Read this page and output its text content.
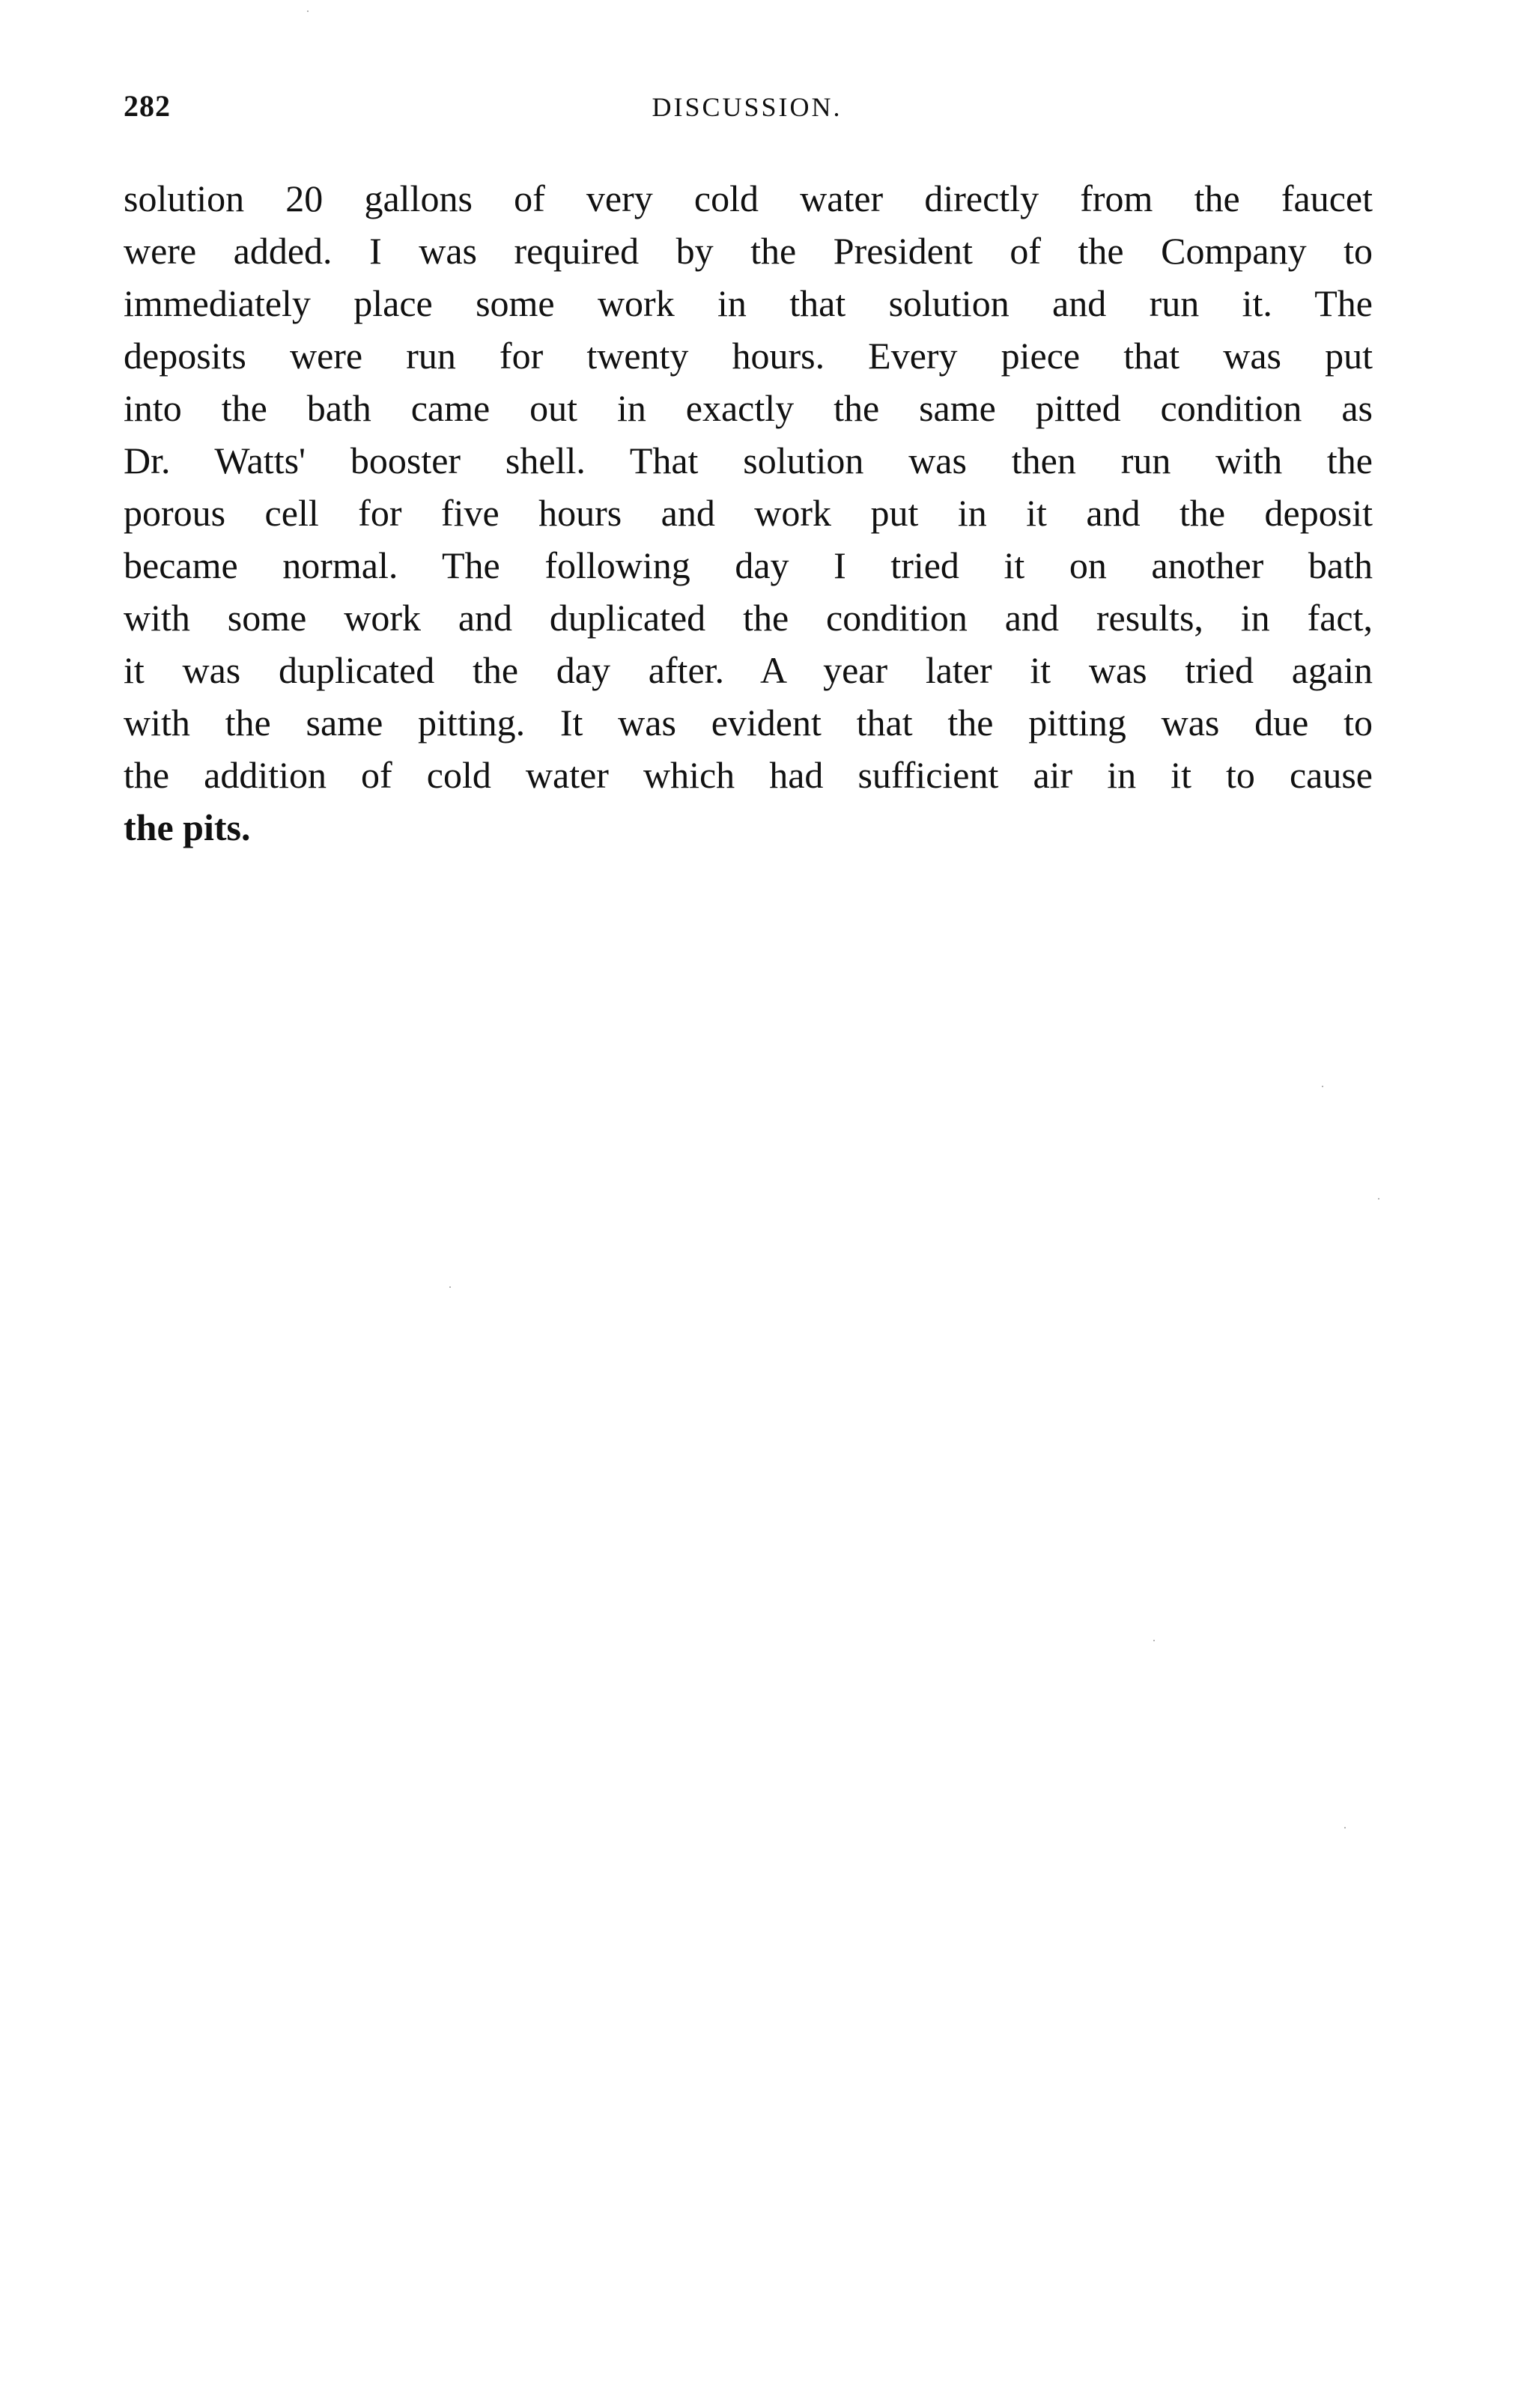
282	DISCUSSION.
solution 20 gallons of very cold water directly from the faucet
were added. I was required by the President of the Company to
immediately place some work in that solution and run it. The
deposits were run for twenty hours. Every piece that was put
into the bath came out in exactly the same pitted condition as
Dr. Watts' booster shell. That solution was then run with the
porous cell for five hours and work put in it and the deposit
became normal. The following day I tried it on another bath
with some work and duplicated the condition and results, in fact,
it was duplicated the day after. A year later it was tried again
with the same pitting. It was evident that the pitting was due to
the addition of cold water which had sufficient air in it to cause
the pits.
